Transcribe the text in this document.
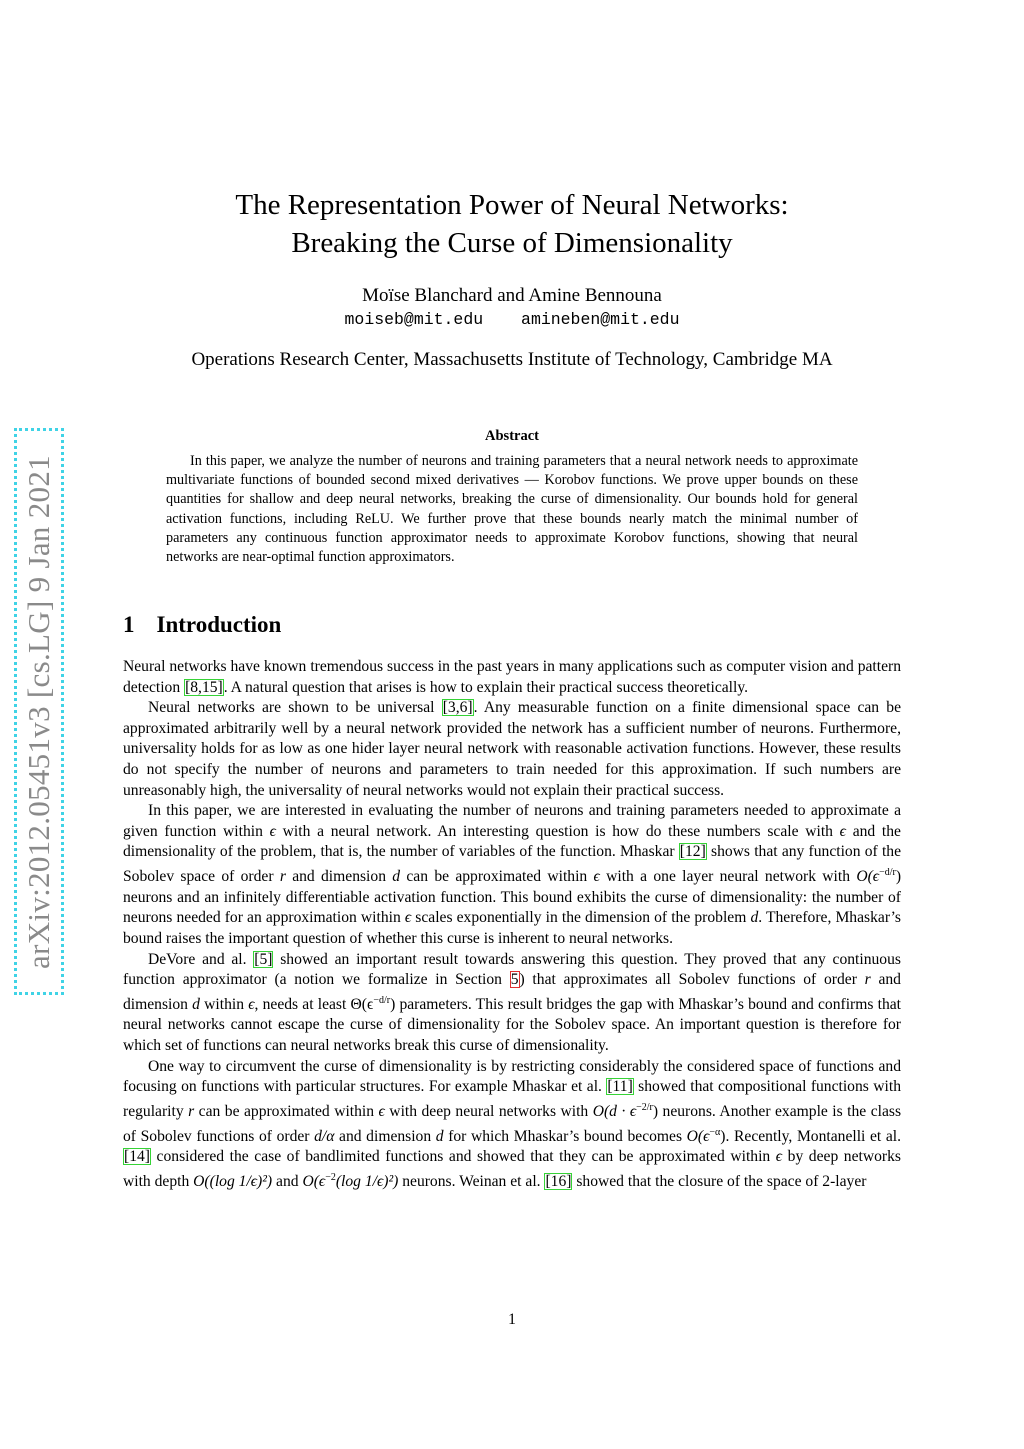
arXiv:2012.05451v3 [cs.LG] 9 Jan 2021
The Representation Power of Neural Networks:
Breaking the Curse of Dimensionality
Moïse Blanchard and Amine Bennouna
moiseb@mit.edu amineben@mit.edu
Operations Research Center, Massachusetts Institute of Technology, Cambridge MA
Abstract
In this paper, we analyze the number of neurons and training parameters that a neural network needs to approximate multivariate functions of bounded second mixed derivatives — Korobov functions. We prove upper bounds on these quantities for shallow and deep neural networks, breaking the curse of dimensionality. Our bounds hold for general activation functions, including ReLU. We further prove that these bounds nearly match the minimal number of parameters any continuous function approximator needs to approximate Korobov functions, showing that neural networks are near-optimal function approximators.
1 Introduction

Neural networks have known tremendous success in the past years in many applications such as computer vision and pattern detection [8,15]. A natural question that arises is how to explain their practical success theoretically.

Neural networks are shown to be universal [3,6]. Any measurable function on a finite dimensional space can be approximated arbitrarily well by a neural network provided the network has a sufficient number of neurons. Furthermore, universality holds for as low as one hider layer neural network with reasonable activation functions. However, these results do not specify the number of neurons and parameters to train needed for this approximation. If such numbers are unreasonably high, the universality of neural networks would not explain their practical success.

In this paper, we are interested in evaluating the number of neurons and training parameters needed to approximate a given function within ϵ with a neural network. An interesting question is how do these numbers scale with ϵ and the dimensionality of the problem, that is, the number of variables of the function. Mhaskar [12] shows that any function of the Sobolev space of order r and dimension d can be approximated within ϵ with a one layer neural network with $O(\epsilon^{-d/r})$ neurons and an infinitely differentiable activation function. This bound exhibits the curse of dimensionality: the number of neurons needed for an approximation within ϵ scales exponentially in the dimension of the problem d. Therefore, Mhaskar’s bound raises the important question of whether this curse is inherent to neural networks.

DeVore and al. [5] showed an important result towards answering this question. They proved that any continuous function approximator (a notion we formalize in Section 5) that approximates all Sobolev functions of order r and dimension d within ϵ, needs at least $\Theta(\epsilon^{-d/r})$ parameters. This result bridges the gap with Mhaskar’s bound and confirms that neural networks cannot escape the curse of dimensionality for the Sobolev space. An important question is therefore for which set of functions can neural networks break this curse of dimensionality.

One way to circumvent the curse of dimensionality is by restricting considerably the considered space of functions and focusing on functions with particular structures. For example Mhaskar et al. [11] showed that compositional functions with regularity r can be approximated within ϵ with deep neural networks with $O(d \cdot \epsilon^{-2/r})$ neurons. Another example is the class of Sobolev functions of order d/α and dimension d for which Mhaskar’s bound becomes $O(\epsilon^{-\alpha})$. Recently, Montanelli et al. [14] considered the case of bandlimited functions and showed that they can be approximated within ϵ by deep networks with depth O((log 1/ϵ)²) and $O(\epsilon^{-2}(\log$ 1/ϵ)²) neurons. Weinan et al. [16] showed that the closure of the space of 2-layer

1
